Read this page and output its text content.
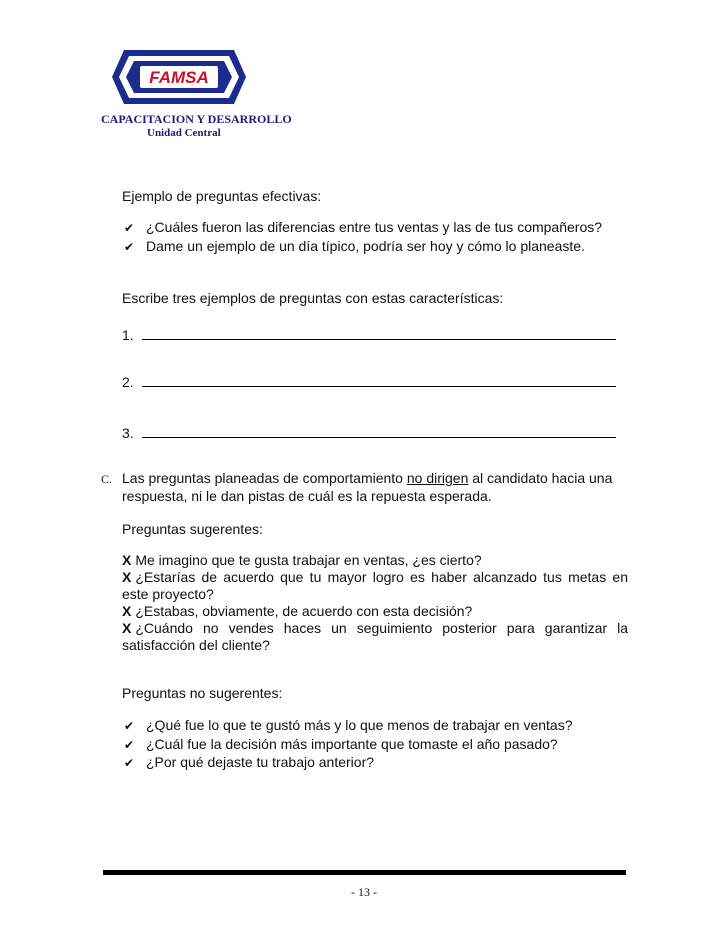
FAMSA
CAPACITACION Y DESARROLLO
Unidad Central
Ejemplo de preguntas efectivas:
✔ ¿Cuáles fueron las diferencias entre tus ventas y las de tus compañeros?
✔ Dame un ejemplo de un día típico, podría ser hoy y cómo lo planeaste.
Escribe tres ejemplos de preguntas con estas características:
1.
2.
3.
C. Las preguntas planeadas de comportamiento no dirigen al candidato hacia una
respuesta, ni le dan pistas de cuál es la repuesta esperada.
Preguntas sugerentes:
X Me imagino que te gusta trabajar en ventas, ¿es cierto?
X ¿Estarías de acuerdo que tu mayor logro es haber alcanzado tus metas en
este proyecto?
X ¿Estabas, obviamente, de acuerdo con esta decisión?
X ¿Cuándo no vendes haces un seguimiento posterior para garantizar la
satisfacción del cliente?
Preguntas no sugerentes:
✔ ¿Qué fue lo que te gustó más y lo que menos de trabajar en ventas?
✔ ¿Cuál fue la decisión más importante que tomaste el año pasado?
✔ ¿Por qué dejaste tu trabajo anterior?
- 13 -
